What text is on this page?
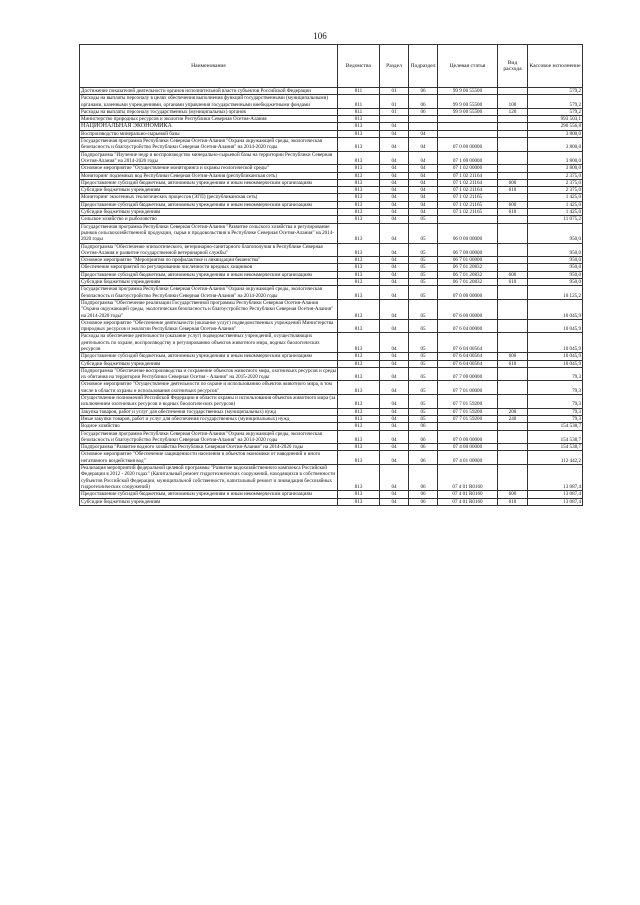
106
Наименование	Ведомство	Раздел	Подраздел	Целевая статья	Вид расхода	Кассовое исполнение
Достижение показателей деятельности органов исполнительной власти субъектов Российской Федерации	811	01	06	99 9 00 55500		579,2
Расходы на выплаты персоналу в целях обеспечения выполнения функций государственными (муниципальными) органами, казенными учреждениями, органами управления государственными внебюджетными фондами	811	01	06	99 9 00 55500	100	579,2
Расходы на выплаты персоналу государственных (муниципальных) органов	811	01	06	99 9 00 55500	120	579,2
Министерство природных ресурсов и экологии Республики Северная Осетия-Алания	813					993 503,1
НАЦИОНАЛЬНАЯ ЭКОНОМИКА	813	04				290 556,8
Воспроизводство минерально-сырьевой базы	813	04	04			3 800,0
Государственная программа Республики Северная Осетия-Алания "Охрана окружающей среды, экологическая безопасность и благоустройство Республики Северная Осетия-Алания" на 2014-2020 годы	813	04	04	07 0 00 00000		3 800,0
Подпрограмма "Изучение недр и воспроизводство минерально-сырьевой базы на территории Республики Северная Осетия-Алания" на 2014-2020 годы	813	04	04	07 1 00 00000		3 800,0
Основное мероприятие "Осуществление мониторинга и охраны геологической среды"	813	04	04	07 1 02 00000		3 800,0
Мониторинг подземных вод Республики Северная Осетия-Алания (республиканская сеть)	813	04	04	07 1 02 21164		2 375,0
Предоставление субсидий бюджетным, автономным учреждениям и иным некоммерческим организациям	813	04	04	07 1 02 21164	600	2 375,0
Субсидии бюджетным учреждениям	813	04	04	07 1 02 21164	610	2 375,0
Мониторинг экзогенных геологических процессов (ЭГП) (республиканская сеть)	813	04	04	07 1 02 21165		1 425,0
Предоставление субсидий бюджетным, автономным учреждениям и иным некоммерческим организациям	813	04	04	07 1 02 21165	600	1 425,0
Субсидии бюджетным учреждениям	813	04	04	07 1 02 21165	610	1 425,0
Сельское хозяйство и рыболовство	813	04	05			11 075,2
Государственная программа Республики Северная Осетия-Алания "Развитие сельского хозяйства и регулирование рынков сельскохозяйственной продукции, сырья и продовольствия в Республике Северная Осетия-Алания" на 2014-2020 годы	813	04	05	06 0 00 00000		950,0
Подпрограмма "Обеспечение эпизоотического, ветеринарно-санитарного благополучия в Республике Северная Осетия-Алания и развитие государственной ветеринарной службы"	813	04	05	06 7 00 00000		950,0
Основное мероприятие "Мероприятия по профилактике и ликвидации бешенства"	813	04	05	06 7 01 00000		950,0
Обеспечение мероприятий по регулированию численности вредных хищников	813	04	05	06 7 01 20832		950,0
Предоставление субсидий бюджетным, автономным учреждениям и иным некоммерческим организациям	813	04	05	06 7 01 20832	600	950,0
Субсидии бюджетным учреждениям	813	04	05	06 7 01 20832	610	950,0
Государственная программа Республики Северная Осетия-Алания "Охрана окружающей среды, экологическая безопасность и благоустройство Республики Северная Осетия-Алания" на 2014-2020 годы	813	04	05	07 0 00 00000		10 125,2
Подпрограмма "Обеспечение реализации Государственной программы Республики Северная Осетия-Алания "Охрана окружающей среды, экологическая безопасность и благоустройство Республики Северная Осетия-Алания" на 2014-2020 годы"	813	04	05	07 6 00 00000		10 045,9
Основное мероприятие "Обеспечение деятельности (оказание услуг) подведомственных учреждений Министерства природных ресурсов и экологии Республики Северная Осетия-Алания"	813	04	05	07 6 04 00000		10 045,9
Расходы на обеспечение деятельности (оказание услуг) подведомственных учреждений, осуществляющих деятельность по охране, воспроизводству и регулированию объектов животного мира, водных биологических ресурсов	813	04	05	07 6 04 00564		10 045,9
Предоставление субсидий бюджетным, автономным учреждениям и иным некоммерческим организациям	813	04	05	07 6 04 00564	600	10 045,9
Субсидии бюджетным учреждениям	813	04	05	07 6 04 00564	610	10 045,9
Подпрограмма "Обеспечение воспроизводства и сохранение объектов животного мира, охотничьих ресурсов и среды их обитания на территории Республики Северная Осетия - Алания" на 2015-2020 годы	813	04	05	07 7 00 00000		79,3
Основное мероприятие "Осуществление деятельности по охране и использованию объектов животного мира, в том числе в области охраны и использования охотничьих ресурсов"	813	04	05	07 7 01 00000		79,3
Осуществление полномочий Российской Федерации в области охраны и использования объектов животного мира (за исключением охотничьих ресурсов и водных биологических ресурсов)	813	04	05	07 7 01 59200		79,3
Закупка товаров, работ и услуг для обеспечения государственных (муниципальных) нужд	813	04	05	07 7 01 59200	200	79,3
Иные закупки товаров, работ и услуг для обеспечения государственных (муниципальных) нужд	813	04	05	07 7 01 59200	240	79,3
Водное хозяйство	813	04	06			154 538,7
Государственная программа Республики Северная Осетия-Алания "Охрана окружающей среды, экологическая безопасность и благоустройство Республики Северная Осетия-Алания" на 2014-2020 годы	813	04	06	07 0 00 00000		154 538,7
Подпрограмма "Развитие водного хозяйства Республики Северная Осетия-Алания" на 2014-2020 годы	813	04	06	07 4 00 00000		154 538,7
Основное мероприятие "Обеспечение защищенности населения и объектов экономики от наводнений и иного негативного воздействия вод"	813	04	06	07 4 01 00000		112 442,2
Реализация мероприятий федеральной целевой программы "Развитие водохозяйственного комплекса Российской Федерации в 2012 - 2020 годах" (Капитальный ремонт гидротехнических сооружений, находящихся в собственности субъектов Российской Федерации, муниципальной собственности, капитальный ремонт и ликвидация бесхозяйных гидротехнических сооружений)	813	04	06	07 4 01 R0160		13 087,4
Предоставление субсидий бюджетным, автономным учреждениям и иным некоммерческим организациям	813	04	06	07 4 01 R0160	600	13 087,4
Субсидии бюджетным учреждениям	813	04	06	07 4 01 R0160	610	13 087,4
